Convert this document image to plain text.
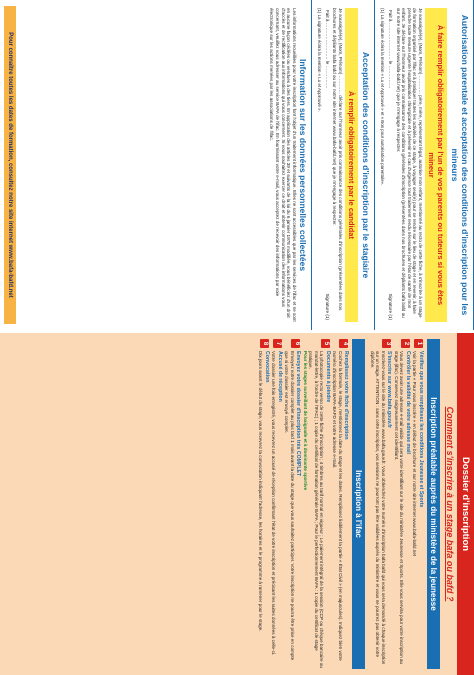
Autorisation parentale et acceptation des conditions d'inscription pour les mineurs
À faire remplir obligatoirement par l'un de vos parents ou tuteurs si vous êtes mineur
Je soussigné(e), (Nom, Prénom) ………… père, mère, représentant légal, autorise mon enfant, mentionné au recto de cette fiche, à s'inscrire à un stage de formation organisé par l'ifac et à pratiquer toutes les activités de ce stage, à voyager seul(e) pour se rendre sur le lieu de stage et en revenir, à faire prendre toute mesure urgente hospitalisation chirurgicale et à prévenir en cas d'urgence tout traitement rendu nécessaire par l'état de santé de mon enfant. Je déclare sur l'honneur avoir pris connaissance des conditions générales d'inscription (présentées dans nos brochures et dépliants bafa bafd ou sur notre site internet www.bafa-bafd.net) que je m'engage à respecter.
Fait à …………………… le ……………
Signature (1)
(1) La signature écrira la mention « Lu et Approuvé » et « Bon pour autorisation parentale».
Acceptation des conditions d'inscription par le stagiaire
À remplir obligatoirement par le candidat
Je soussigné(e), (Nom, Prénom) ………… déclare sur l'honneur avoir pris connaissance des conditions générales d'inscription (présentées dans nos brochures et dépliants bafa bafd ou sur notre site internet www.bafa-bafd.net) que je m'engage à respecter.
Fait à …………………… le ……………
Signature (1)
(1) La signature écrira la mention « Lu et Approuvé ».
Information sur les données personnelles collectées
Les informations recueillies pour votre inscription font l'objet d'un traitement informatique. Elles ne sont accessibles que par les services de l'ifac et ne sont en aucune façon cédées ou vendues à des tiers. En application des articles 39 et suivants de la loi du 6 janvier 1978 modifiée, vous bénéficiez d'un droit d'accès et de rectification aux informations qui vous concernent. Si vous souhaitez exercer ce droit et obtenir communication des informations vous concernant, veuillez vous adresser au service BAFA de l'ifac. En fournissant votre e-mail, vous acceptez de recevoir des informations par voie électronique sur les actions menées par les associations de l'ifac.
Pour connaître toutes les dates de formation, consultez notre site internet www.bafa-bafd.net
Dossier d'inscription
Comment s'inscrire à un stage bafa ou bafd ?
Inscription préalable auprès du ministère de la jeunesse
1
Vérifiez que vous remplissez les conditions Jeunesse et Sports
Voir la partie « Pour vous inscrire » en début de brochure et sur notre site internet www.bafa-bafd.net
2
Contrôler la validité de votre adresse mail
Vous devez avoir une adresse e-mail valide qui sera votre identifiant sur le site du ministère Jeunesse et Sports. Elle vous servira pour votre inscription au stage (ifac). Conservez soigneusement cet identifiant.
3
S'inscrire sur www.bafa.gouv.fr
Inscrivez-vous sur le site du ministère www.bafa.gouv.fr. Vous obtiendrez votre numéro d'inscription bafa bafd qui vous sera demandé à chaque inscription sur un stage. ATTENTION : sans cette inscription, vos sessions ne pourront pas être validées auprès du ministère et vous ne pourrez pas obtenir votre diplôme.
Inscription à l'ifac
4
Remplissez votre fiche d'inscription
Cochez la formule, le stage, mentionnez la date du stage et les dates. Remplissez lisiblement la partie « État Civil » (en majuscules). Indiquez bien votre numéro d'inscription BAFA-BAFD et votre adresse e-mail.
5
Documents à joindre
La photocopie recto verso de cette fiche d'inscription ; 4 timbres au tarif normal en vigueur ; Le paiement intégral de la session (CCP ou chèque bancaire ou mandat-lettre, à l'ordre de l'IFAC) ; 1 copie du certificat de formation générale BAFA ; Pour le perfectionnement BAFA : 1 copie du certificat de stage pratique.
Pour les stages surveillant de baignade et à dominante sportive
6
Envoyez votre dossier d'inscription très COMPLET
Envoyez votre dossier complet au plus tard 1 mois avant la date du stage que vous souhaitez participer. Votre inscription ne pourra être prise en compte que si votre dossier est envoyé complet.
7
Accusé de réception
Votre dossier une fois enregistré, vous recevrez un accusé de réception confirmant l'état de votre inscription et précisant les suites données à celle-ci.
8
Convocation
Dix jours avant le début du stage, vous recevrez la convocation indiquant l'adresse, les horaires et le programme à ramener pour le stage.
